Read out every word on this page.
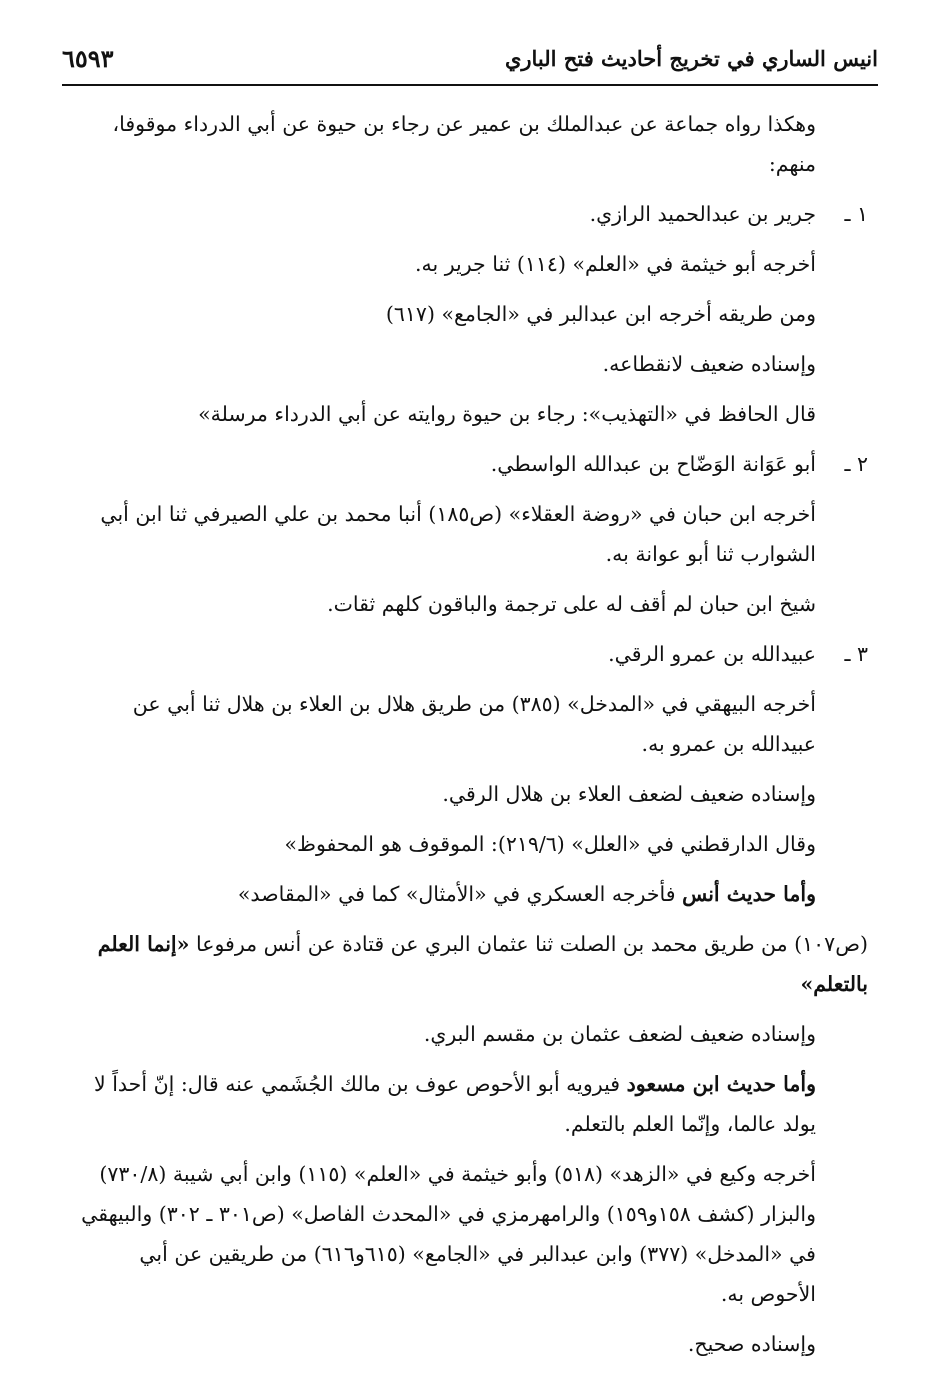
انيس الساري في تخريج أحاديث فتح الباري
٦٥٩٣

وهكذا رواه جماعة عن عبدالملك بن عمير عن رجاء بن حيوة عن أبي الدرداء موقوفا، منهم:

١ ـجرير بن عبدالحميد الرازي.

أخرجه أبو خيثمة في «العلم» (١١٤) ثنا جرير به.

ومن طريقه أخرجه ابن عبدالبر في «الجامع» (٦١٧)

وإسناده ضعيف لانقطاعه.

قال الحافظ في «التهذيب»: رجاء بن حيوة روايته عن أبي الدرداء مرسلة»

٢ ـأبو عَوَانة الوَضّاح بن عبدالله الواسطي.

أخرجه ابن حبان في «روضة العقلاء» (ص١٨٥) أنبا محمد بن علي الصيرفي ثنا ابن أبي الشوارب ثنا أبو عوانة به.

شيخ ابن حبان لم أقف له على ترجمة والباقون كلهم ثقات.

٣ ـعبيدالله بن عمرو الرقي.

أخرجه البيهقي في «المدخل» (٣٨٥) من طريق هلال بن العلاء بن هلال ثنا أبي عن عبيدالله بن عمرو به.

وإسناده ضعيف لضعف العلاء بن هلال الرقي.

وقال الدارقطني في «العلل» (٢١٩/٦): الموقوف هو المحفوظ»

وأما حديث أنس فأخرجه العسكري في «الأمثال» كما في «المقاصد»

(ص١٠٧) من طريق محمد بن الصلت ثنا عثمان البري عن قتادة عن أنس مرفوعا «إنما العلم بالتعلم»

وإسناده ضعيف لضعف عثمان بن مقسم البري.

وأما حديث ابن مسعود فيرويه أبو الأحوص عوف بن مالك الجُشَمي عنه قال: إنّ أحداً لا يولد عالما، وإنّما العلم بالتعلم.

أخرجه وكيع في «الزهد» (٥١٨) وأبو خيثمة في «العلم» (١١٥) وابن أبي شيبة (٧٣٠/٨) والبزار (كشف ١٥٨و١٥٩) والرامهرمزي في «المحدث الفاصل» (ص٣٠١ ـ ٣٠٢) والبيهقي في «المدخل» (٣٧٧) وابن عبدالبر في «الجامع» (٦١٥و٦١٦) من طريقين عن أبي الأحوص به.

وإسناده صحيح.
